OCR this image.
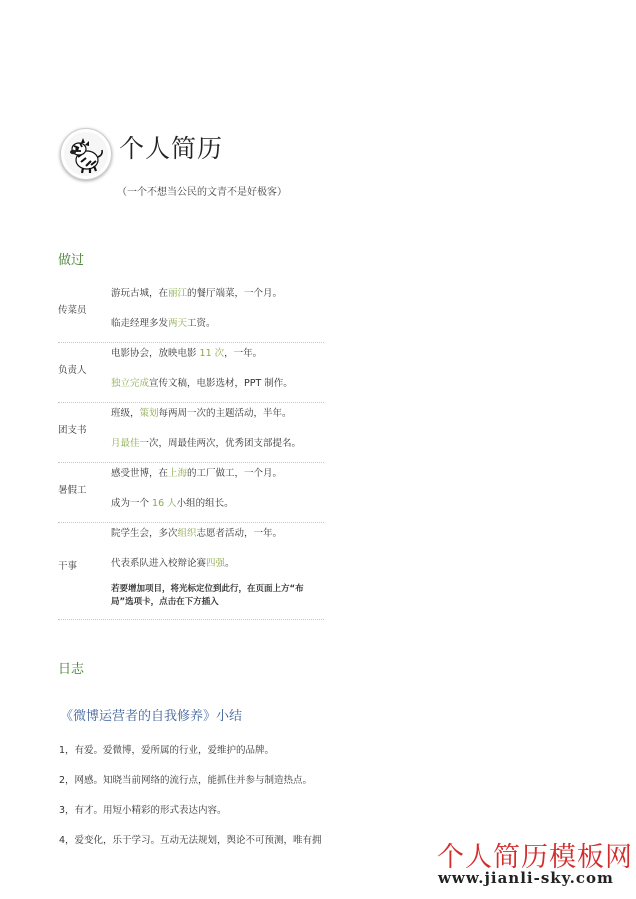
个人简历
（一个不想当公民的文青不是好极客）
做过
传菜员
游玩古城，在丽江的餐厅端菜，一个月。
临走经理多发两天工资。
负责人
电影协会，放映电影 11 次，一年。
独立完成宣传文稿，电影选材，PPT 制作。
团支书
班级，策划每两周一次的主题活动，半年。
月最佳一次，周最佳两次，优秀团支部提名。
暑假工
感受世博，在上海的工厂做工，一个月。
成为一个 16 人小组的组长。
干事
院学生会，多次组织志愿者活动，一年。
代表系队进入校辩论赛四强。
若要增加项目，将光标定位到此行，在页面上方“布局”选项卡，点击在下方插入
日志
《微博运营者的自我修养》小结
1，有爱。爱微博，爱所属的行业，爱维护的品牌。
2，网感。知晓当前网络的流行点，能抓住并参与制造热点。
3，有才。用短小精彩的形式表达内容。
4，爱变化，乐于学习。互动无法规划，舆论不可预测，唯有拥
个人简历模板网
www.jianli-sky.com
